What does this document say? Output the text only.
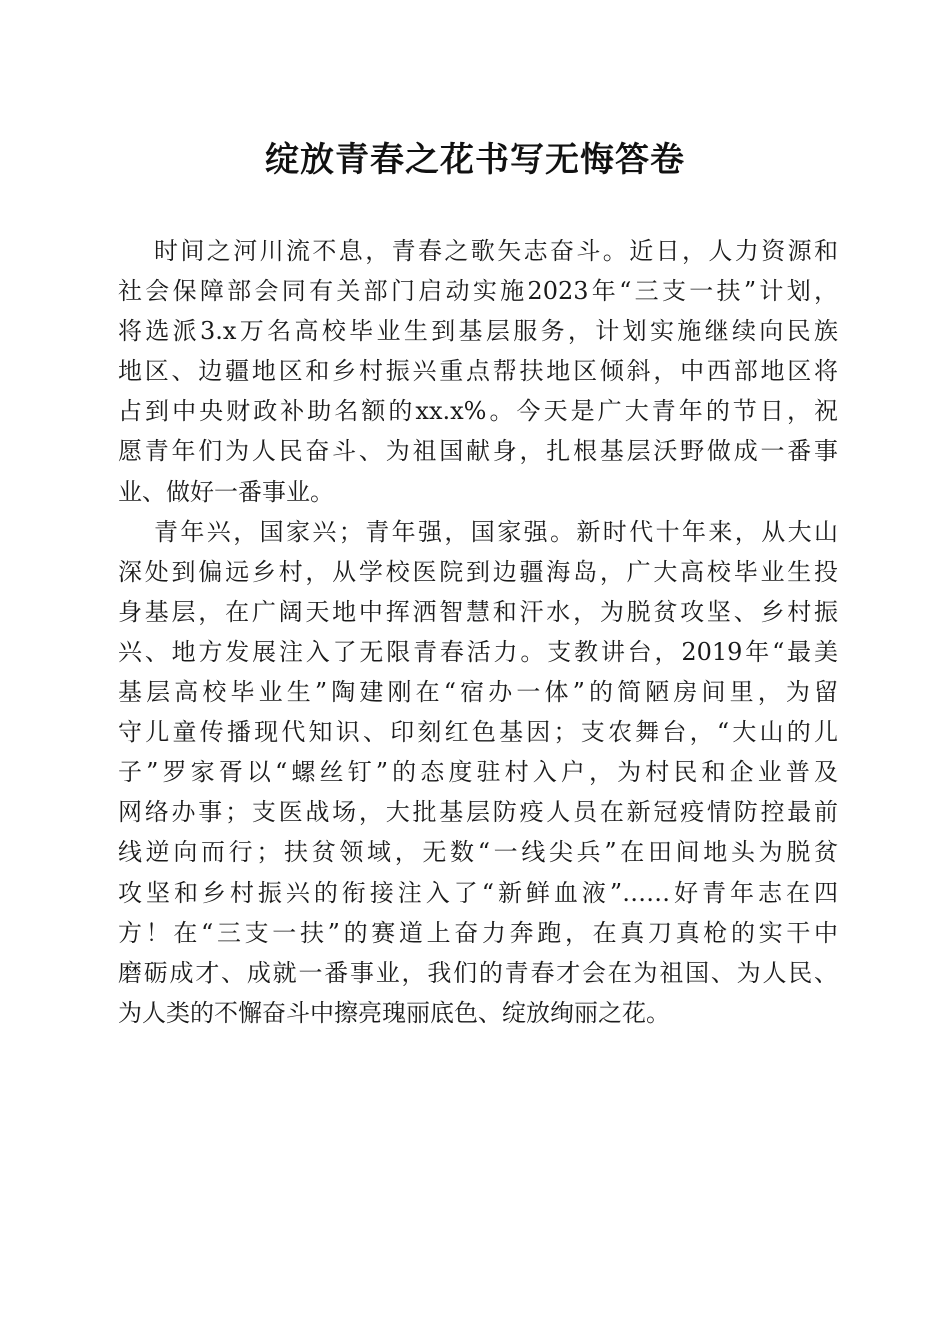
绽放青春之花书写无悔答卷
时间之河川流不息，青春之歌矢志奋斗。近日，人力资源和
社会保障部会同有关部门启动实施2023年“三支一扶”计划，
将选派3.x万名高校毕业生到基层服务，计划实施继续向民族
地区、边疆地区和乡村振兴重点帮扶地区倾斜，中西部地区将
占到中央财政补助名额的xx.x%。今天是广大青年的节日，祝
愿青年们为人民奋斗、为祖国献身，扎根基层沃野做成一番事
业、做好一番事业。
青年兴，国家兴；青年强，国家强。新时代十年来，从大山
深处到偏远乡村，从学校医院到边疆海岛，广大高校毕业生投
身基层，在广阔天地中挥洒智慧和汗水，为脱贫攻坚、乡村振
兴、地方发展注入了无限青春活力。支教讲台，2019年“最美
基层高校毕业生”陶建刚在“宿办一体”的简陋房间里，为留
守儿童传播现代知识、印刻红色基因；支农舞台，“大山的儿
子”罗家胥以“螺丝钉”的态度驻村入户，为村民和企业普及
网络办事；支医战场，大批基层防疫人员在新冠疫情防控最前
线逆向而行；扶贫领域，无数“一线尖兵”在田间地头为脱贫
攻坚和乡村振兴的衔接注入了“新鲜血液”……好青年志在四
方！在“三支一扶”的赛道上奋力奔跑，在真刀真枪的实干中
磨砺成才、成就一番事业，我们的青春才会在为祖国、为人民、
为人类的不懈奋斗中擦亮瑰丽底色、绽放绚丽之花。
